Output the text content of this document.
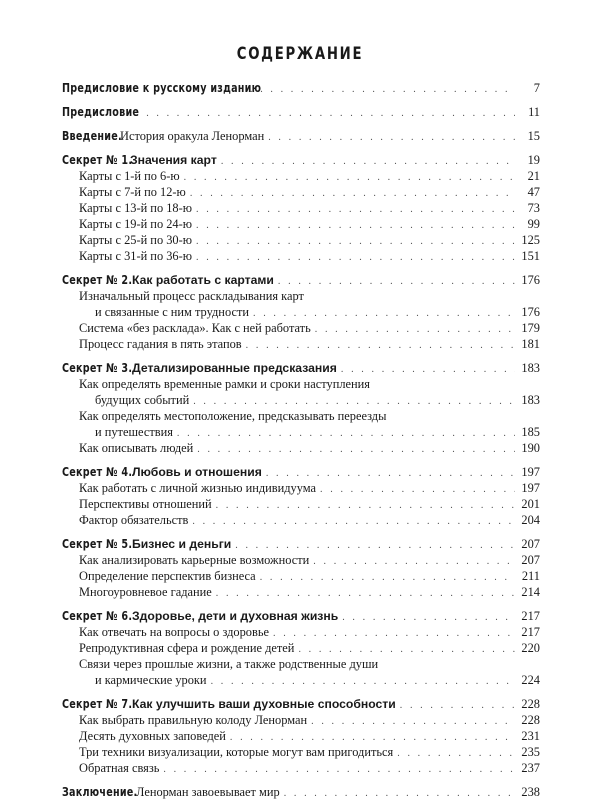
СОДЕРЖАНИЕ
Предисловие к русскому изданию . . .	7
Предисловие . . .	11
Введение.История оракула Ленорман . . .	15
Секрет № 1.Значения карт . . .	19
Карты с 1-й по 6-ю . . .	21
Карты с 7-й по 12-ю . . .	47
Карты с 13-й по 18-ю . . .	73
Карты с 19-й по 24-ю . . .	99
Карты с 25-й по 30-ю . . .	125
Карты с 31-й по 36-ю . . .	151
Секрет № 2.Как работать с картами . . .	176
Изначальный процесс раскладывания карт
и связанные с ним трудности . . .	176
Система «без расклада». Как с ней работать . . .	179
Процесс гадания в пять этапов . . .	181
Секрет № 3.Детализированные предсказания . . .	183
Как определять временные рамки и сроки наступления
будущих событий . . .	183
Как определять местоположение, предсказывать переезды
и путешествия . . .	185
Как описывать людей . . .	190
Секрет № 4.Любовь и отношения . . .	197
Как работать с личной жизнью индивидуума . . .	197
Перспективы отношений . . .	201
Фактор обязательств . . .	204
Секрет № 5.Бизнес и деньги . . .	207
Как анализировать карьерные возможности . . .	207
Определение перспектив бизнеса . . .	211
Многоуровневое гадание . . .	214
Секрет № 6.Здоровье, дети и духовная жизнь . . .	217
Как отвечать на вопросы о здоровье . . .	217
Репродуктивная сфера и рождение детей . . .	220
Связи через прошлые жизни, а также родственные души
и кармические уроки . . .	224
Секрет № 7.Как улучшить ваши духовные способности . . .	228
Как выбрать правильную колоду Ленорман . . .	228
Десять духовных заповедей . . .	231
Три техники визуализации, которые могут вам пригодиться . . .	235
Обратная связь . . .	237
Заключение.Ленорман завоевывает мир . . .	238
